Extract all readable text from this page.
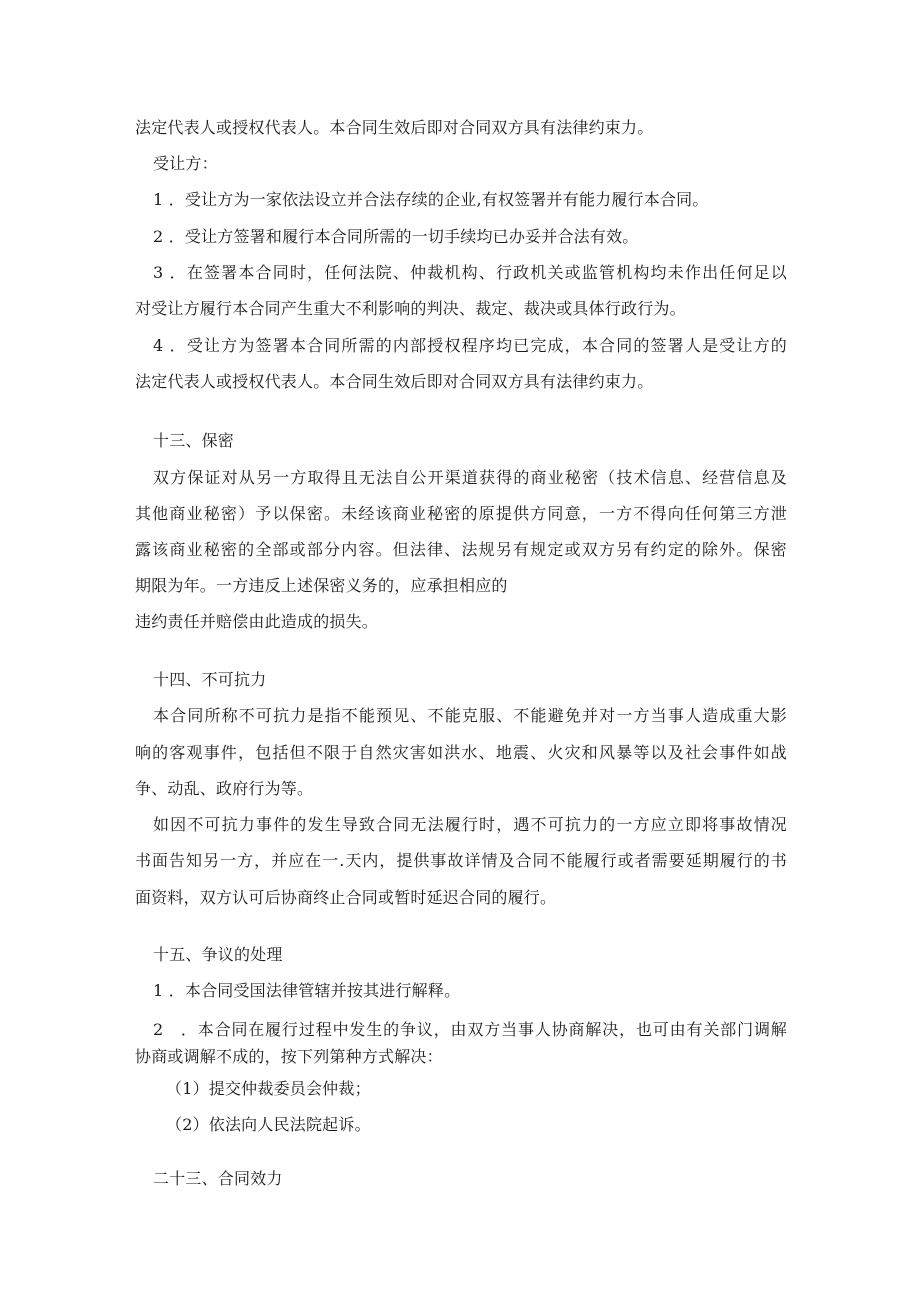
法定代表人或授权代表人。本合同生效后即对合同双方具有法律约束力。
受让方：
1 ．受让方为一家依法设立并合法存续的企业,有权签署并有能力履行本合同。
2 ．受让方签署和履行本合同所需的一切手续均已办妥并合法有效。
3 ．在签署本合同时，任何法院、仲裁机构、行政机关或监管机构均未作出任何足以
对受让方履行本合同产生重大不利影响的判决、裁定、裁决或具体行政行为。
4 ．受让方为签署本合同所需的内部授权程序均已完成，本合同的签署人是受让方的
法定代表人或授权代表人。本合同生效后即对合同双方具有法律约束力。
十三、保密
双方保证对从另一方取得且无法自公开渠道获得的商业秘密（技术信息、经营信息及
其他商业秘密）予以保密。未经该商业秘密的原提供方同意，一方不得向任何第三方泄
露该商业秘密的全部或部分内容。但法律、法规另有规定或双方另有约定的除外。保密
期限为年。一方违反上述保密义务的，应承担相应的
违约责任并赔偿由此造成的损失。
十四、不可抗力
本合同所称不可抗力是指不能预见、不能克服、不能避免并对一方当事人造成重大影
响的客观事件，包括但不限于自然灾害如洪水、地震、火灾和风暴等以及社会事件如战
争、动乱、政府行为等。
如因不可抗力事件的发生导致合同无法履行时，遇不可抗力的一方应立即将事故情况
书面告知另一方，并应在一.天内，提供事故详情及合同不能履行或者需要延期履行的书
面资料，双方认可后协商终止合同或暂时延迟合同的履行。
十五、争议的处理
1 ．本合同受国法律管辖并按其进行解释。
2　．本合同在履行过程中发生的争议，由双方当事人协商解决，也可由有关部门调解
协商或调解不成的，按下列第种方式解决：
（1）提交仲裁委员会仲裁；
（2）依法向人民法院起诉。
二十三、合同效力
